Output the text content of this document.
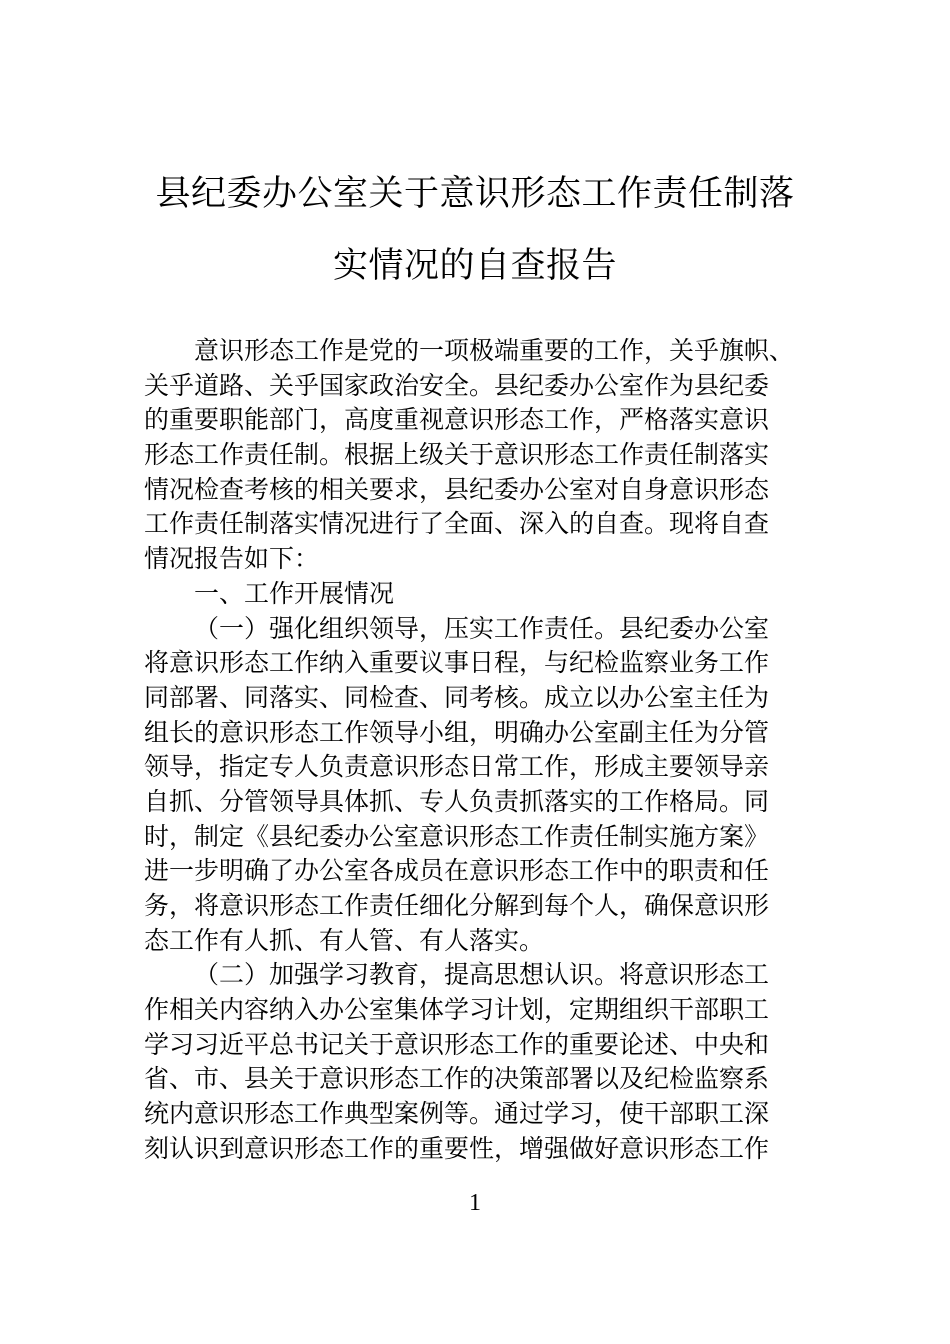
县纪委办公室关于意识形态工作责任制落
实情况的自查报告
意识形态工作是党的一项极端重要的工作，关乎旗帜、
关乎道路、关乎国家政治安全。县纪委办公室作为县纪委
的重要职能部门，高度重视意识形态工作，严格落实意识
形态工作责任制。根据上级关于意识形态工作责任制落实
情况检查考核的相关要求，县纪委办公室对自身意识形态
工作责任制落实情况进行了全面、深入的自查。现将自查
情况报告如下：
一、工作开展情况
（一）强化组织领导，压实工作责任。县纪委办公室
将意识形态工作纳入重要议事日程，与纪检监察业务工作
同部署、同落实、同检查、同考核。成立以办公室主任为
组长的意识形态工作领导小组，明确办公室副主任为分管
领导，指定专人负责意识形态日常工作，形成主要领导亲
自抓、分管领导具体抓、专人负责抓落实的工作格局。同
时，制定《县纪委办公室意识形态工作责任制实施方案》
进一步明确了办公室各成员在意识形态工作中的职责和任
务，将意识形态工作责任细化分解到每个人，确保意识形
态工作有人抓、有人管、有人落实。
（二）加强学习教育，提高思想认识。将意识形态工
作相关内容纳入办公室集体学习计划，定期组织干部职工
学习习近平总书记关于意识形态工作的重要论述、中央和
省、市、县关于意识形态工作的决策部署以及纪检监察系
统内意识形态工作典型案例等。通过学习，使干部职工深
刻认识到意识形态工作的重要性，增强做好意识形态工作
1
